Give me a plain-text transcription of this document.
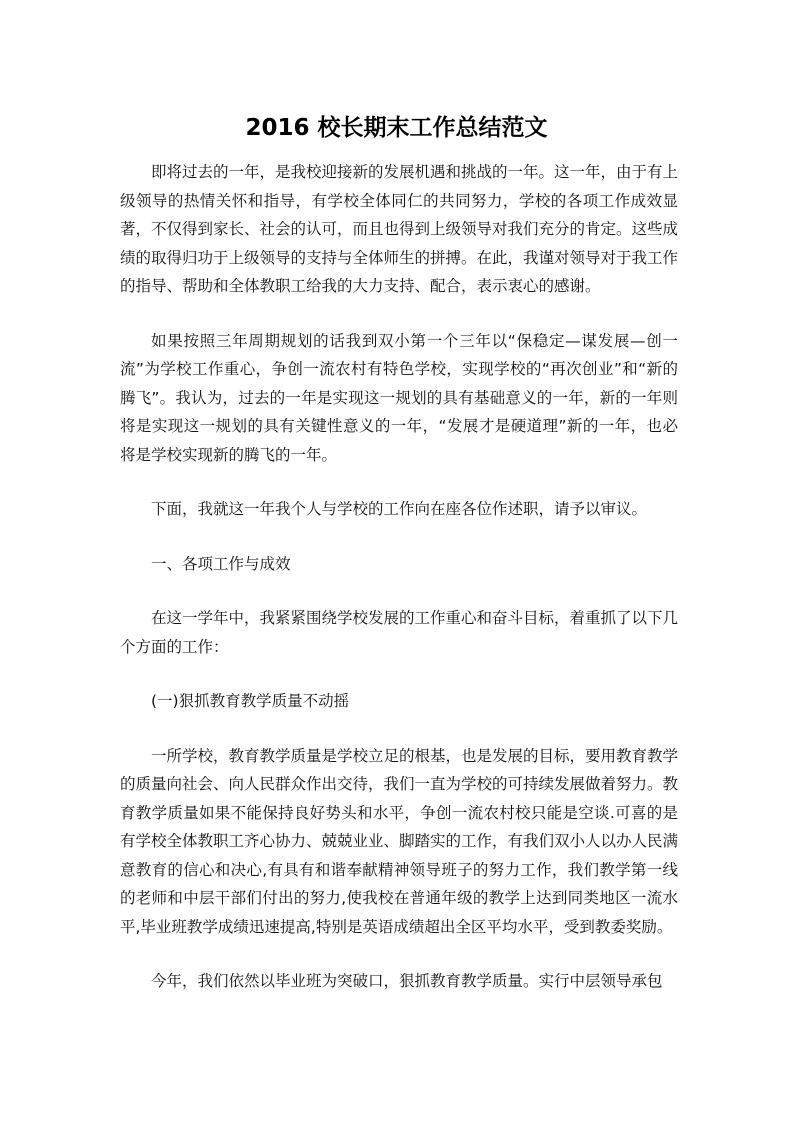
2016 校长期末工作总结范文

即将过去的一年，是我校迎接新的发展机遇和挑战的一年。这一年，由于有上级领导的热情关怀和指导，有学校全体同仁的共同努力，学校的各项工作成效显著，不仅得到家长、社会的认可，而且也得到上级领导对我们充分的肯定。这些成绩的取得归功于上级领导的支持与全体师生的拼搏。在此，我谨对领导对于我工作的指导、帮助和全体教职工给我的大力支持、配合，表示衷心的感谢。

如果按照三年周期规划的话我到双小第一个三年以“保稳定—谋发展—创一流”为学校工作重心，争创一流农村有特色学校，实现学校的“再次创业”和“新的腾飞”。我认为，过去的一年是实现这一规划的具有基础意义的一年，新的一年则将是实现这一规划的具有关键性意义的一年，“发展才是硬道理”新的一年，也必将是学校实现新的腾飞的一年。

下面，我就这一年我个人与学校的工作向在座各位作述职，请予以审议。

一、各项工作与成效

在这一学年中，我紧紧围绕学校发展的工作重心和奋斗目标，着重抓了以下几个方面的工作：

(一)狠抓教育教学质量不动摇

一所学校，教育教学质量是学校立足的根基，也是发展的目标，要用教育教学的质量向社会、向人民群众作出交待，我们一直为学校的可持续发展做着努力。教育教学质量如果不能保持良好势头和水平，争创一流农村校只能是空谈.可喜的是有学校全体教职工齐心协力、兢兢业业、脚踏实的工作，有我们双小人以办人民满意教育的信心和决心,有具有和谐奉献精神领导班子的努力工作，我们教学第一线的老师和中层干部们付出的努力,使我校在普通年级的教学上达到同类地区一流水平,毕业班教学成绩迅速提高,特别是英语成绩超出全区平均水平，受到教委奖励。

今年，我们依然以毕业班为突破口，狠抓教育教学质量。实行中层领导承包
